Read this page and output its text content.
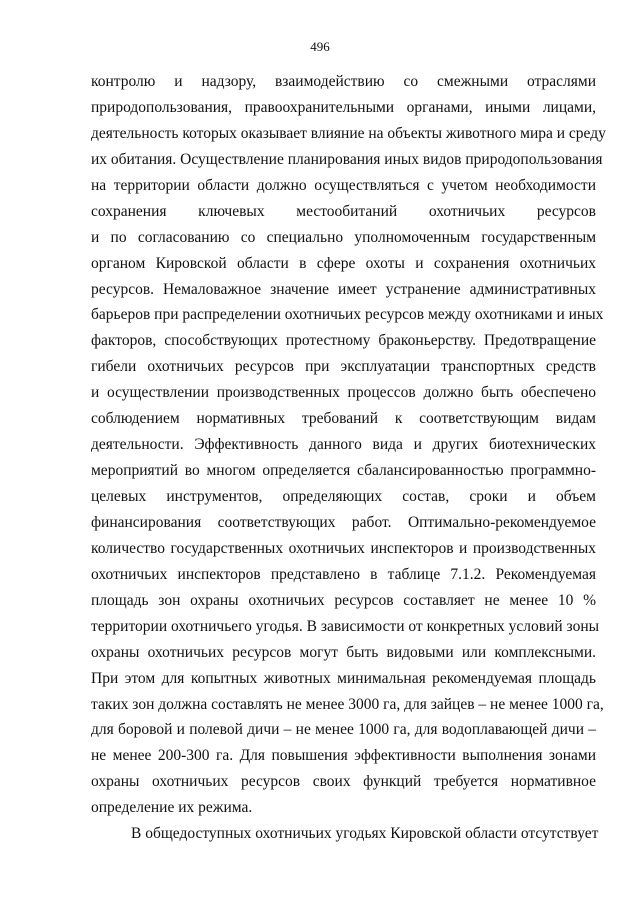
496
контролю и надзору, взаимодействию со смежными отраслями
природопользования, правоохранительными органами, иными лицами,
деятельность которых оказывает влияние на объекты животного мира и среду
их обитания. Осуществление планирования иных видов природопользования
на территории области должно осуществляться с учетом необходимости
сохранения ключевых местообитаний охотничьих ресурсов
и по согласованию со специально уполномоченным государственным
органом Кировской области в сфере охоты и сохранения охотничьих
ресурсов. Немаловажное значение имеет устранение административных
барьеров при распределении охотничьих ресурсов между охотниками и иных
факторов, способствующих протестному браконьерству. Предотвращение
гибели охотничьих ресурсов при эксплуатации транспортных средств
и осуществлении производственных процессов должно быть обеспечено
соблюдением нормативных требований к соответствующим видам
деятельности. Эффективность данного вида и других биотехнических
мероприятий во многом определяется сбалансированностью программно-
целевых инструментов, определяющих состав, сроки и объем
финансирования соответствующих работ. Оптимально-рекомендуемое
количество государственных охотничьих инспекторов и производственных
охотничьих инспекторов представлено в таблице 7.1.2. Рекомендуемая
площадь зон охраны охотничьих ресурсов составляет не менее 10 %
территории охотничьего угодья. В зависимости от конкретных условий зоны
охраны охотничьих ресурсов могут быть видовыми или комплексными.
При этом для копытных животных минимальная рекомендуемая площадь
таких зон должна составлять не менее 3000 га, для зайцев – не менее 1000 га,
для боровой и полевой дичи – не менее 1000 га, для водоплавающей дичи –
не менее 200-300 га. Для повышения эффективности выполнения зонами
охраны охотничьих ресурсов своих функций требуется нормативное
определение их режима.
В общедоступных охотничьих угодьях Кировской области отсутствует
